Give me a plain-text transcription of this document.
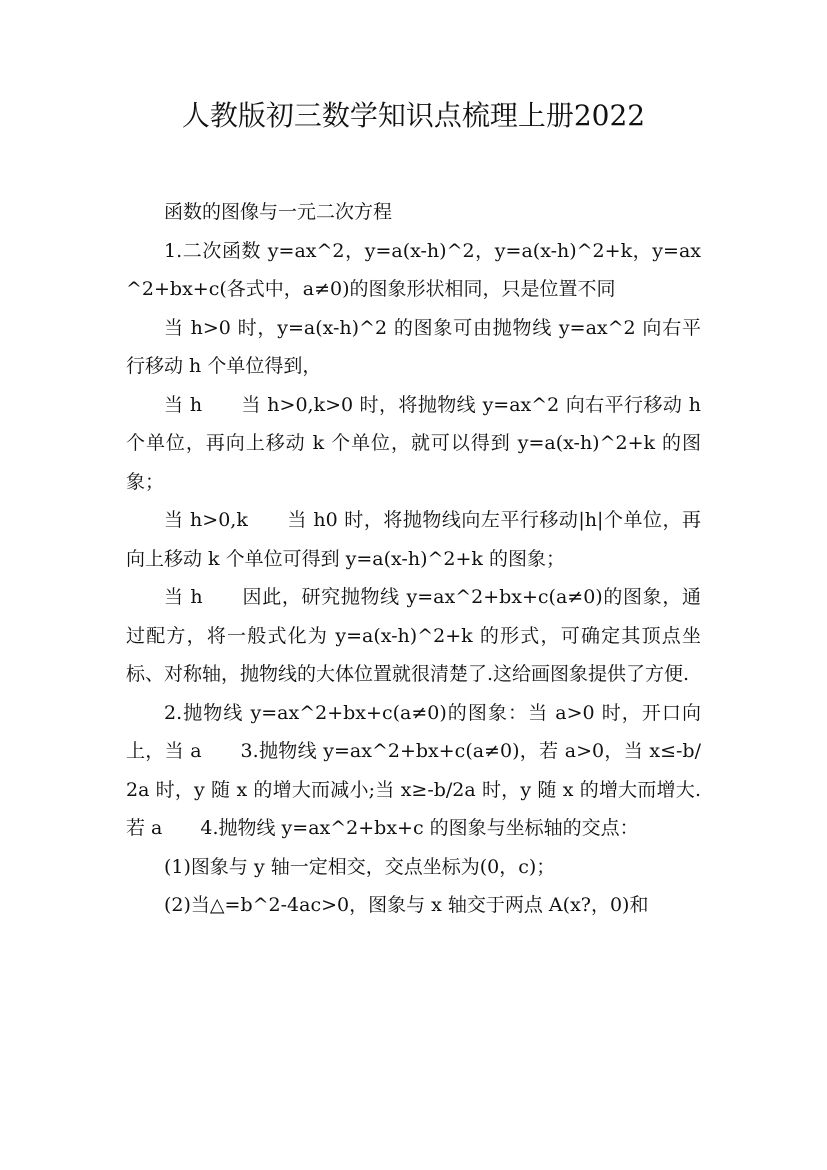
人教版初三数学知识点梳理上册2022

函数的图像与一元二次方程

1.二次函数 y=ax^2，y=a(x-h)^2，y=a(x-h)^2+k，y=ax^2+bx+c(各式中，a≠0)的图象形状相同，只是位置不同

当 h>0 时，y=a(x-h)^2 的图象可由抛物线 y=ax^2 向右平行移动 h 个单位得到，

当 h　　当 h>0,k>0 时，将抛物线 y=ax^2 向右平行移动 h 个单位，再向上移动 k 个单位，就可以得到 y=a(x-h)^2+k 的图象；

当 h>0,k　　当 h0 时，将抛物线向左平行移动|h|个单位，再向上移动 k 个单位可得到 y=a(x-h)^2+k 的图象；

当 h　　因此，研究抛物线 y=ax^2+bx+c(a≠0)的图象，通过配方，将一般式化为 y=a(x-h)^2+k 的形式，可确定其顶点坐标、对称轴，抛物线的大体位置就很清楚了.这给画图象提供了方便.

2.抛物线 y=ax^2+bx+c(a≠0)的图象：当 a>0 时，开口向上，当 a　　3.抛物线 y=ax^2+bx+c(a≠0)，若 a>0，当 x≤-b/2a 时，y 随 x 的增大而减小;当 x≥-b/2a 时，y 随 x 的增大而增大.若 a　　4.抛物线 y=ax^2+bx+c 的图象与坐标轴的交点：

(1)图象与 y 轴一定相交，交点坐标为(0，c)；

(2)当△=b^2-4ac>0，图象与 x 轴交于两点 A(x?，0)和
